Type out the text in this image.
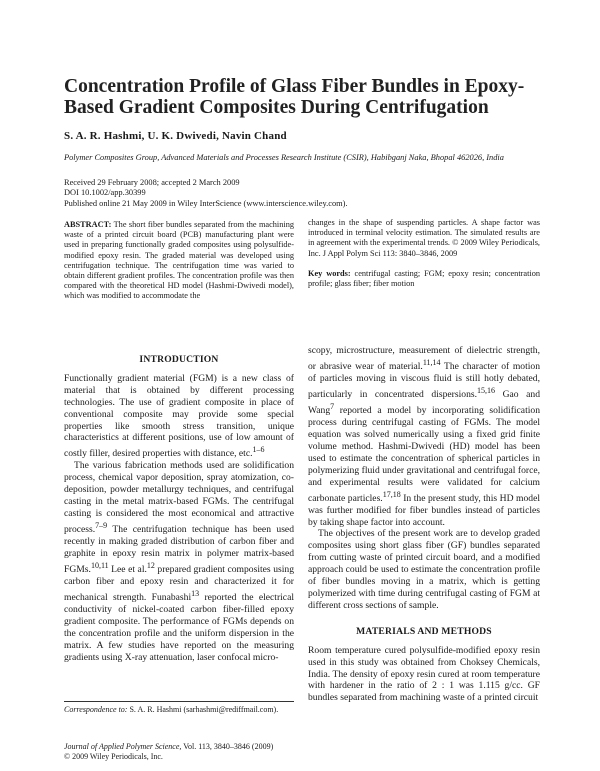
Concentration Profile of Glass Fiber Bundles in Epoxy-
Based Gradient Composites During Centrifugation
S. A. R. Hashmi, U. K. Dwivedi, Navin Chand
Polymer Composites Group, Advanced Materials and Processes Research Institute (CSIR), Habibganj Naka, Bhopal 462026, India
Received 29 February 2008; accepted 2 March 2009
DOI 10.1002/app.30399
Published online 21 May 2009 in Wiley InterScience (www.interscience.wiley.com).
ABSTRACT: The short fiber bundles separated from the machining waste of a printed circuit board (PCB) manufacturing plant were used in preparing functionally graded composites using polysulfide-modified epoxy resin. The graded material was developed using centrifugation technique. The centrifugation time was varied to obtain different gradient profiles. The concentration profile was then compared with the theoretical HD model (Hashmi-Dwivedi model), which was modified to accommodate the
changes in the shape of suspending particles. A shape factor was introduced in terminal velocity estimation. The simulated results are in agreement with the experimental trends. © 2009 Wiley Periodicals, Inc. J Appl Polym Sci 113: 3840–3846, 2009
Key words: centrifugal casting; FGM; epoxy resin; concentration profile; glass fiber; fiber motion
INTRODUCTION

Functionally gradient material (FGM) is a new class of material that is obtained by different processing technologies. The use of gradient composite in place of conventional composite may provide some special properties like smooth stress transition, unique characteristics at different positions, use of low amount of costly filler, desired properties with distance, etc.$^{1-6}$

The various fabrication methods used are solidification process, chemical vapor deposition, spray atomization, co-deposition, powder metallurgy techniques, and centrifugal casting in the metal matrix-based FGMs. The centrifugal casting is considered the most economical and attractive process.$^{7-9}$ The centrifugation technique has been used recently in making graded distribution of carbon fiber and graphite in epoxy resin matrix in polymer matrix-based FGMs.$^{10,11}$ Lee et al.$^{12}$ prepared gradient composites using carbon fiber and epoxy resin and characterized it for mechanical strength. Funabashi$^{13}$ reported the electrical conductivity of nickel-coated carbon fiber-filled epoxy gradient composite. The performance of FGMs depends on the concentration profile and the uniform dispersion in the matrix. A few studies have reported on the measuring gradients using X-ray attenuation, laser confocal micro-

scopy, microstructure, measurement of dielectric strength, or abrasive wear of material.$^{11,14}$ The character of motion of particles moving in viscous fluid is still hotly debated, particularly in concentrated dispersions.$^{15,16}$ Gao and Wang$^7$ reported a model by incorporating solidification process during centrifugal casting of FGMs. The model equation was solved numerically using a fixed grid finite volume method. Hashmi-Dwivedi (HD) model has been used to estimate the concentration of spherical particles in polymerizing fluid under gravitational and centrifugal force, and experimental results were validated for calcium carbonate particles.$^{17,18}$ In the present study, this HD model was further modified for fiber bundles instead of particles by taking shape factor into account.

The objectives of the present work are to develop graded composites using short glass fiber (GF) bundles separated from cutting waste of printed circuit board, and a modified approach could be used to estimate the concentration profile of fiber bundles moving in a matrix, which is getting polymerized with time during centrifugal casting of FGM at different cross sections of sample.

MATERIALS AND METHODS

Room temperature cured polysulfide-modified epoxy resin used in this study was obtained from Choksey Chemicals, India. The density of epoxy resin cured at room temperature with hardener in the ratio of 2 : 1 was 1.115 g/cc. GF bundles separated from machining waste of a printed circuit

Correspondence to: S. A. R. Hashmi (sarhashmi@rediffmail.com).
Journal of Applied Polymer Science, Vol. 113, 3840–3846 (2009)
© 2009 Wiley Periodicals, Inc.
